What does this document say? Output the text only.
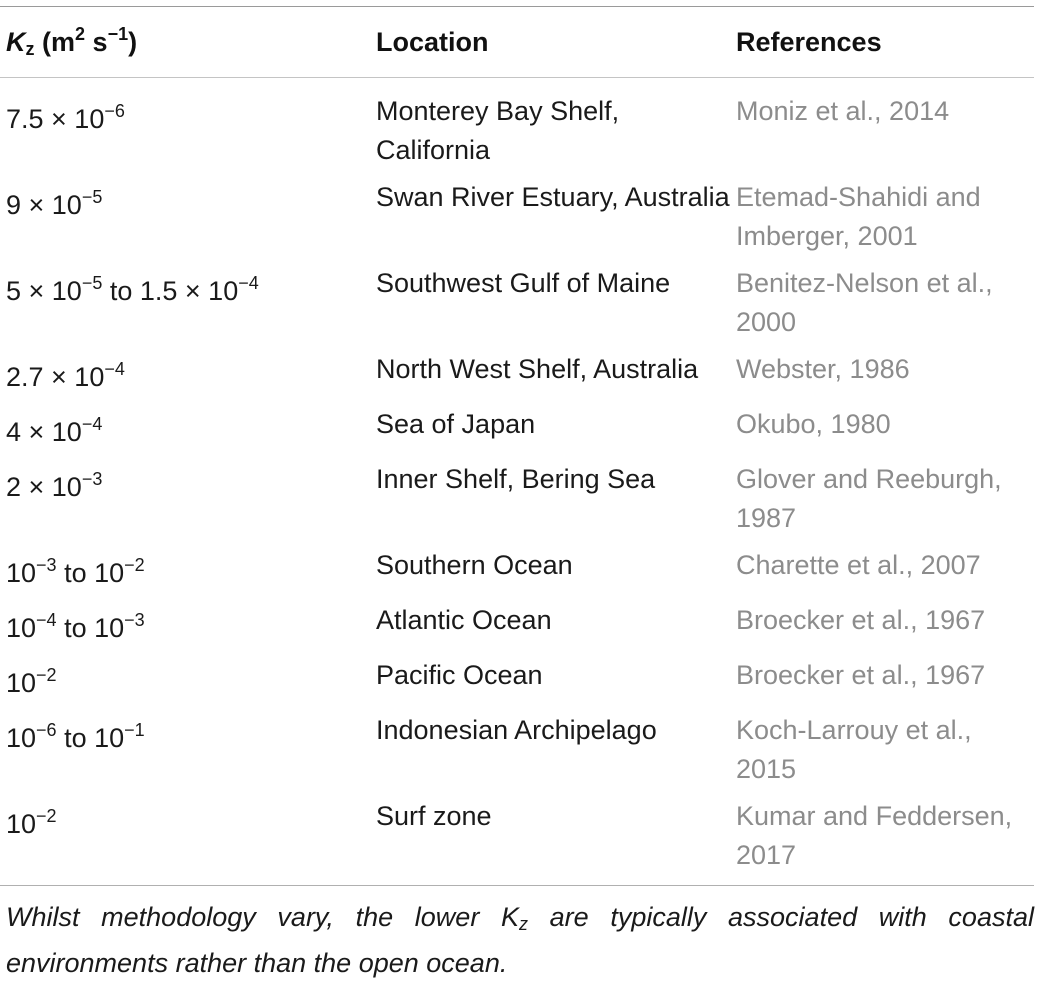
$K_z$ ($m^2$ $s^{-1}$)	Location	References
$7.5 \times 10^{-6}$	Monterey Bay Shelf, California	Moniz et al., 2014
$9 \times 10^{-5}$	Swan River Estuary, Australia	Etemad-Shahidi and Imberger, 2001
$5 \times 10^{-5}$ to $1.5 \times 10^{-4}$	Southwest Gulf of Maine	Benitez-Nelson et al., 2000
$2.7 \times 10^{-4}$	North West Shelf, Australia	Webster, 1986
$4 \times 10^{-4}$	Sea of Japan	Okubo, 1980
$2 \times 10^{-3}$	Inner Shelf, Bering Sea	Glover and Reeburgh, 1987
$10^{-3}$ to $10^{-2}$	Southern Ocean	Charette et al., 2007
$10^{-4}$ to $10^{-3}$	Atlantic Ocean	Broecker et al., 1967
$10^{-2}$	Pacific Ocean	Broecker et al., 1967
$10^{-6}$ to $10^{-1}$	Indonesian Archipelago	Koch-Larrouy et al., 2015
$10^{-2}$	Surf zone	Kumar and Feddersen, 2017
Whilst methodology vary, the lower $K_z$ are typically associated with coastal environments rather than the open ocean.
